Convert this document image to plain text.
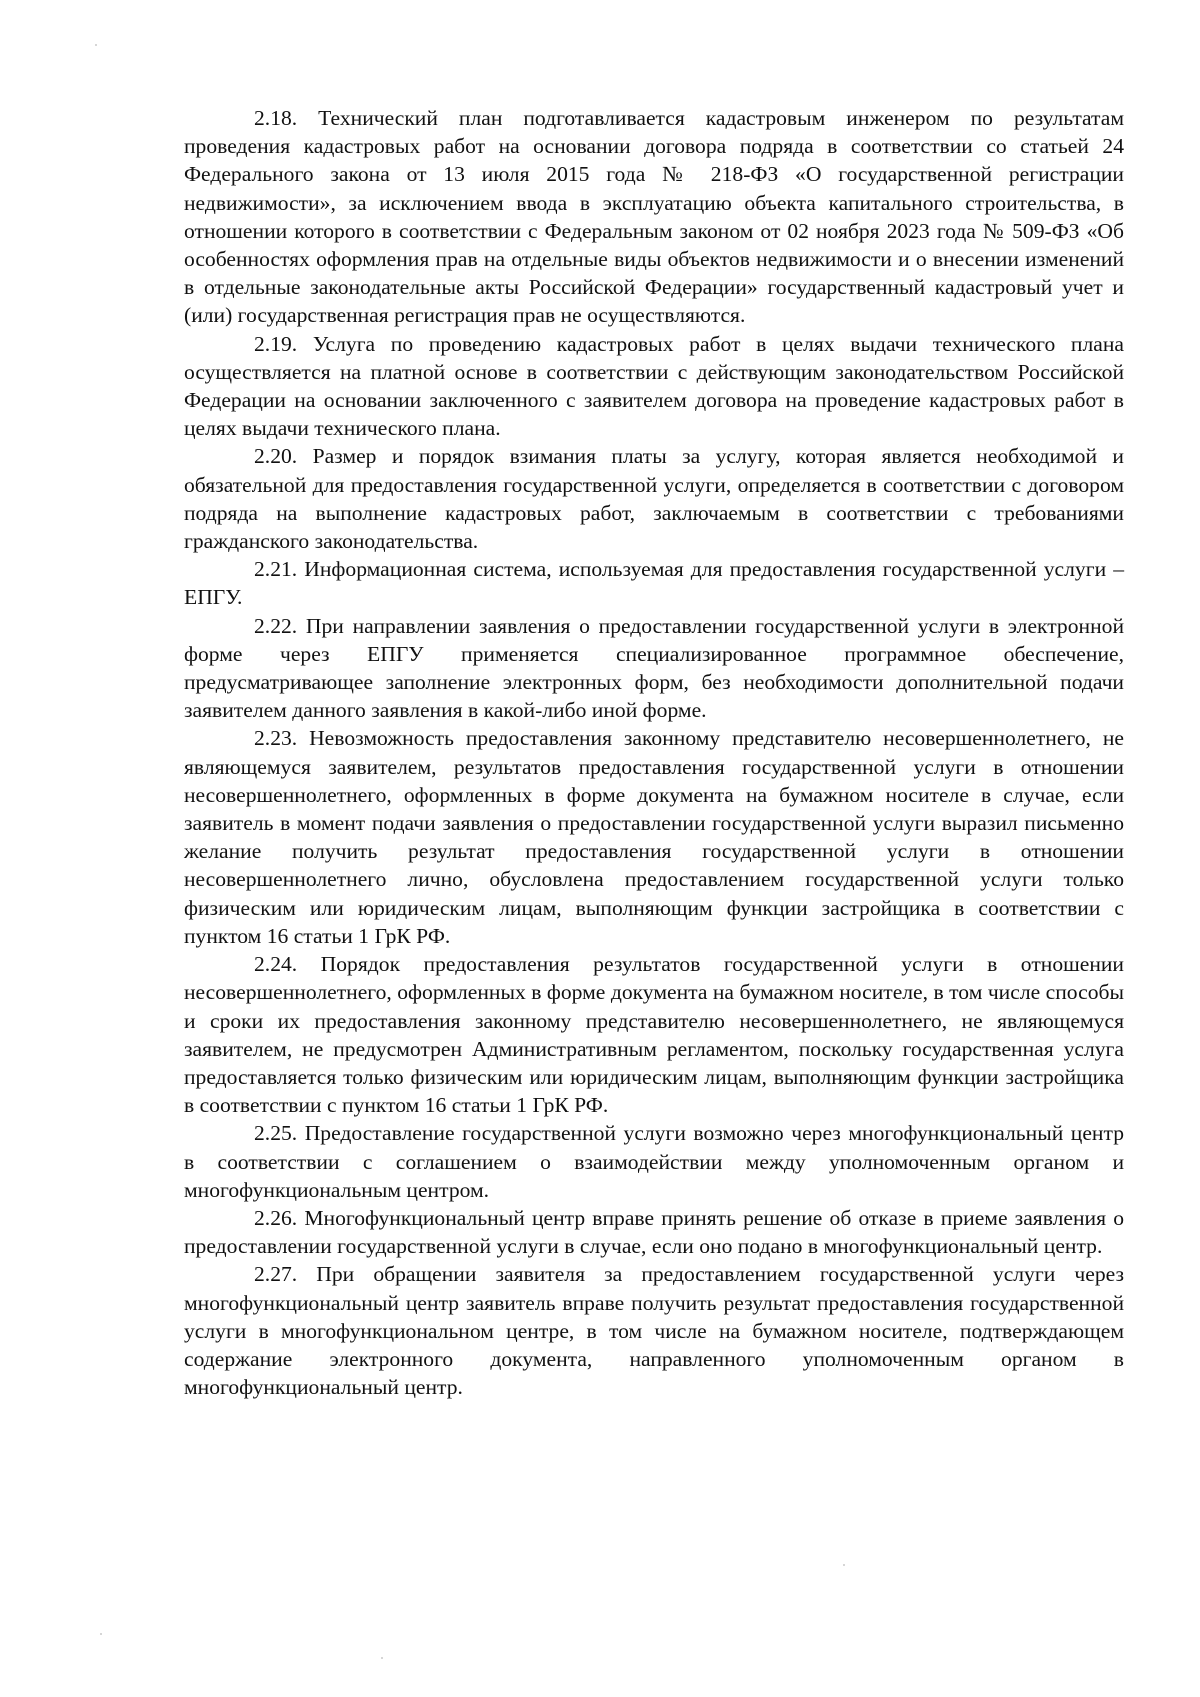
2.18. Технический план подготавливается кадастровым инженером по результатам проведения кадастровых работ на основании договора подряда в соответствии со статьей 24 Федерального закона от 13 июля 2015 года № 218-ФЗ «О государственной регистрации недвижимости», за исключением ввода в эксплуатацию объекта капитального строительства, в отношении которого в соответствии с Федеральным законом от 02 ноября 2023 года № 509-ФЗ «Об особенностях оформления прав на отдельные виды объектов недвижимости и о внесении изменений в отдельные законодательные акты Российской Федерации» государственный кадастровый учет и (или) государственная регистрация прав не осуществляются.

2.19. Услуга по проведению кадастровых работ в целях выдачи технического плана осуществляется на платной основе в соответствии с действующим законодательством Российской Федерации на основании заключенного с заявителем договора на проведение кадастровых работ в целях выдачи технического плана.

2.20. Размер и порядок взимания платы за услугу, которая является необходимой и обязательной для предоставления государственной услуги, определяется в соответствии с договором подряда на выполнение кадастровых работ, заключаемым в соответствии с требованиями гражданского законодательства.

2.21. Информационная система, используемая для предоставления государственной услуги – ЕПГУ.

2.22. При направлении заявления о предоставлении государственной услуги в электронной форме через ЕПГУ применяется специализированное программное обеспечение, предусматривающее заполнение электронных форм, без необходимости дополнительной подачи заявителем данного заявления в какой-либо иной форме.

2.23. Невозможность предоставления законному представителю несовершеннолетнего, не являющемуся заявителем, результатов предоставления государственной услуги в отношении несовершеннолетнего, оформленных в форме документа на бумажном носителе в случае, если заявитель в момент подачи заявления о предоставлении государственной услуги выразил письменно желание получить результат предоставления государственной услуги в отношении несовершеннолетнего лично, обусловлена предоставлением государственной услуги только физическим или юридическим лицам, выполняющим функции застройщика в соответствии с пунктом 16 статьи 1 ГрК РФ.

2.24. Порядок предоставления результатов государственной услуги в отношении несовершеннолетнего, оформленных в форме документа на бумажном носителе, в том числе способы и сроки их предоставления законному представителю несовершеннолетнего, не являющемуся заявителем, не предусмотрен Административным регламентом, поскольку государственная услуга предоставляется только физическим или юридическим лицам, выполняющим функции застройщика в соответствии с пунктом 16 статьи 1 ГрК РФ.

2.25. Предоставление государственной услуги возможно через многофункциональный центр в соответствии с соглашением о взаимодействии между уполномоченным органом и многофункциональным центром.

2.26. Многофункциональный центр вправе принять решение об отказе в приеме заявления о предоставлении государственной услуги в случае, если оно подано в многофункциональный центр.

2.27. При обращении заявителя за предоставлением государственной услуги через многофункциональный центр заявитель вправе получить результат предоставления государственной услуги в многофункциональном центре, в том числе на бумажном носителе, подтверждающем содержание электронного документа, направленного уполномоченным органом в многофункциональный центр.
